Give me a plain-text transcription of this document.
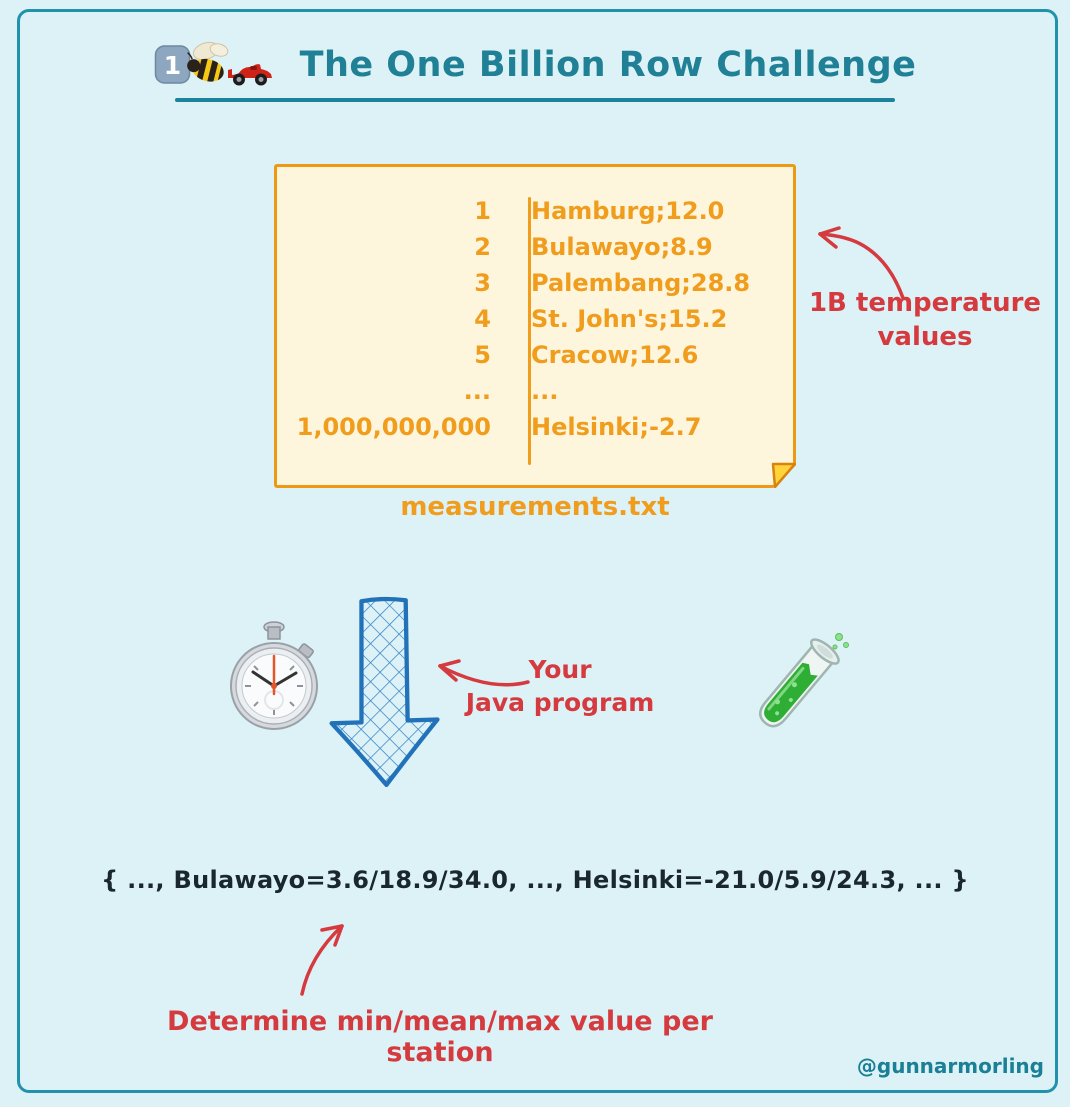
1	The One Billion Row Challenge
1	Hamburg;12.0
2	Bulawayo;8.9
3	Palembang;28.8
4	St. John's;15.2
5	Cracow;12.6
...	...
1,000,000,000	Helsinki;-2.7
measurements.txt
1B temperature values
Your
Java program
{ ..., Bulawayo=3.6/18.9/34.0, ..., Helsinki=-21.0/5.9/24.3, ... }
Determine min/mean/max value per station	@gunnarmorling
